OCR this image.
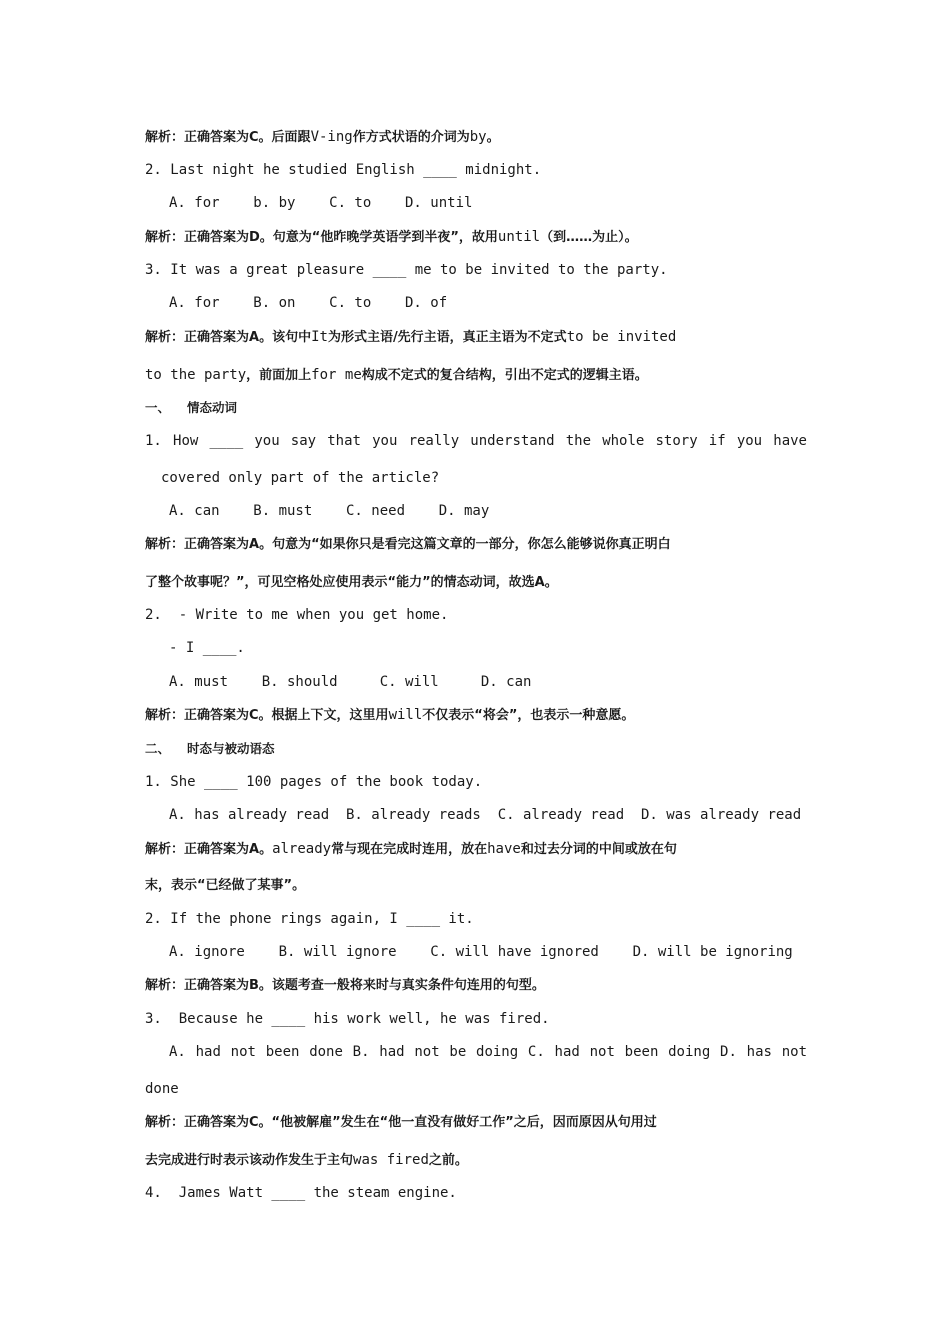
解析：正确答案为C。后面跟V-ing作方式状语的介词为by。
2. Last night he studied English ____ midnight.
A. for    b. by    C. to    D. until
解析：正确答案为D。句意为“他昨晚学英语学到半夜”，故用until（到……为止）。
3. It was a great pleasure ____ me to be invited to the party.
A. for    B. on    C. to    D. of
解析：正确答案为A。该句中It为形式主语/先行主语，真正主语为不定式to be invited
to the party，前面加上for me构成不定式的复合结构，引出不定式的逻辑主语。
一、 情态动词
1. How ____ you say that you really understand the whole story if you have
covered only part of the article?
A. can    B. must    C. need    D. may
解析：正确答案为A。句意为“如果你只是看完这篇文章的一部分，你怎么能够说你真正明白
了整个故事呢？”，可见空格处应使用表示“能力”的情态动词，故选A。
2.  - Write to me when you get home.
- I ____.
A. must    B. should     C. will     D. can
解析：正确答案为C。根据上下文，这里用will不仅表示“将会”，也表示一种意愿。
二、 时态与被动语态
1. She ____ 100 pages of the book today.
A. has already read  B. already reads  C. already read  D. was already read
解析：正确答案为A。already常与现在完成时连用，放在have和过去分词的中间或放在句
末，表示“已经做了某事”。
2. If the phone rings again, I ____ it.
A. ignore    B. will ignore    C. will have ignored    D. will be ignoring
解析：正确答案为B。该题考查一般将来时与真实条件句连用的句型。
3.  Because he ____ his work well, he was fired.
A. had not been done B. had not be doing C. had not been doing D. has not
done
解析：正确答案为C。“他被解雇”发生在“他一直没有做好工作”之后，因而原因从句用过
去完成进行时表示该动作发生于主句was fired之前。
4.  James Watt ____ the steam engine.
